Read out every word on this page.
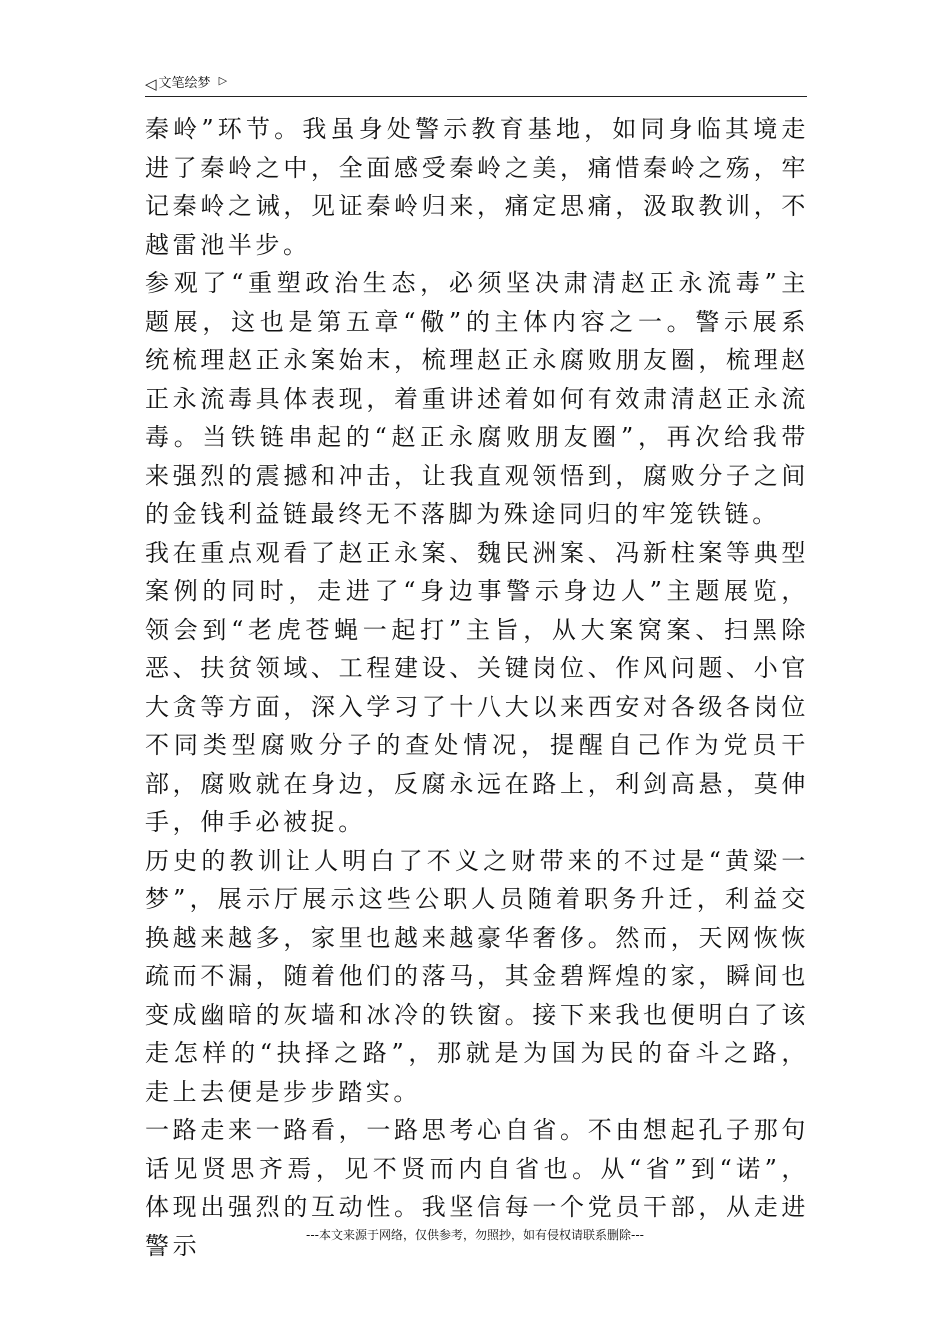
◁ 文笔绘梦 ▷

秦岭”环节。我虽身处警示教育基地，如同身临其境走进了秦岭之中，全面感受秦岭之美，痛惜秦岭之殇，牢记秦岭之诫，见证秦岭归来，痛定思痛，汲取教训，不越雷池半步。

参观了“重塑政治生态，必须坚决肃清赵正永流毒”主题展，这也是第五章“儆”的主体内容之一。警示展系统梳理赵正永案始末，梳理赵正永腐败朋友圈，梳理赵正永流毒具体表现，着重讲述着如何有效肃清赵正永流毒。当铁链串起的“赵正永腐败朋友圈”，再次给我带来强烈的震撼和冲击，让我直观领悟到，腐败分子之间的金钱利益链最终无不落脚为殊途同归的牢笼铁链。

我在重点观看了赵正永案、魏民洲案、冯新柱案等典型案例的同时，走进了“身边事警示身边人”主题展览，领会到“老虎苍蝇一起打”主旨，从大案窝案、扫黑除恶、扶贫领域、工程建设、关键岗位、作风问题、小官大贪等方面，深入学习了十八大以来西安对各级各岗位不同类型腐败分子的查处情况，提醒自己作为党员干部，腐败就在身边，反腐永远在路上，利剑高悬，莫伸手，伸手必被捉。

历史的教训让人明白了不义之财带来的不过是“黄粱一梦”，展示厅展示这些公职人员随着职务升迁，利益交换越来越多，家里也越来越豪华奢侈。然而，天网恢恢疏而不漏，随着他们的落马，其金碧辉煌的家，瞬间也变成幽暗的灰墙和冰冷的铁窗。接下来我也便明白了该走怎样的“抉择之路”，那就是为国为民的奋斗之路，走上去便是步步踏实。

一路走来一路看，一路思考心自省。不由想起孔子那句话见贤思齐焉，见不贤而内自省也。从“省”到“诺”，体现出强烈的互动性。我坚信每一个党员干部，从走进警示	---本文来源于网络，仅供参考，勿照抄，如有侵权请联系删除---
